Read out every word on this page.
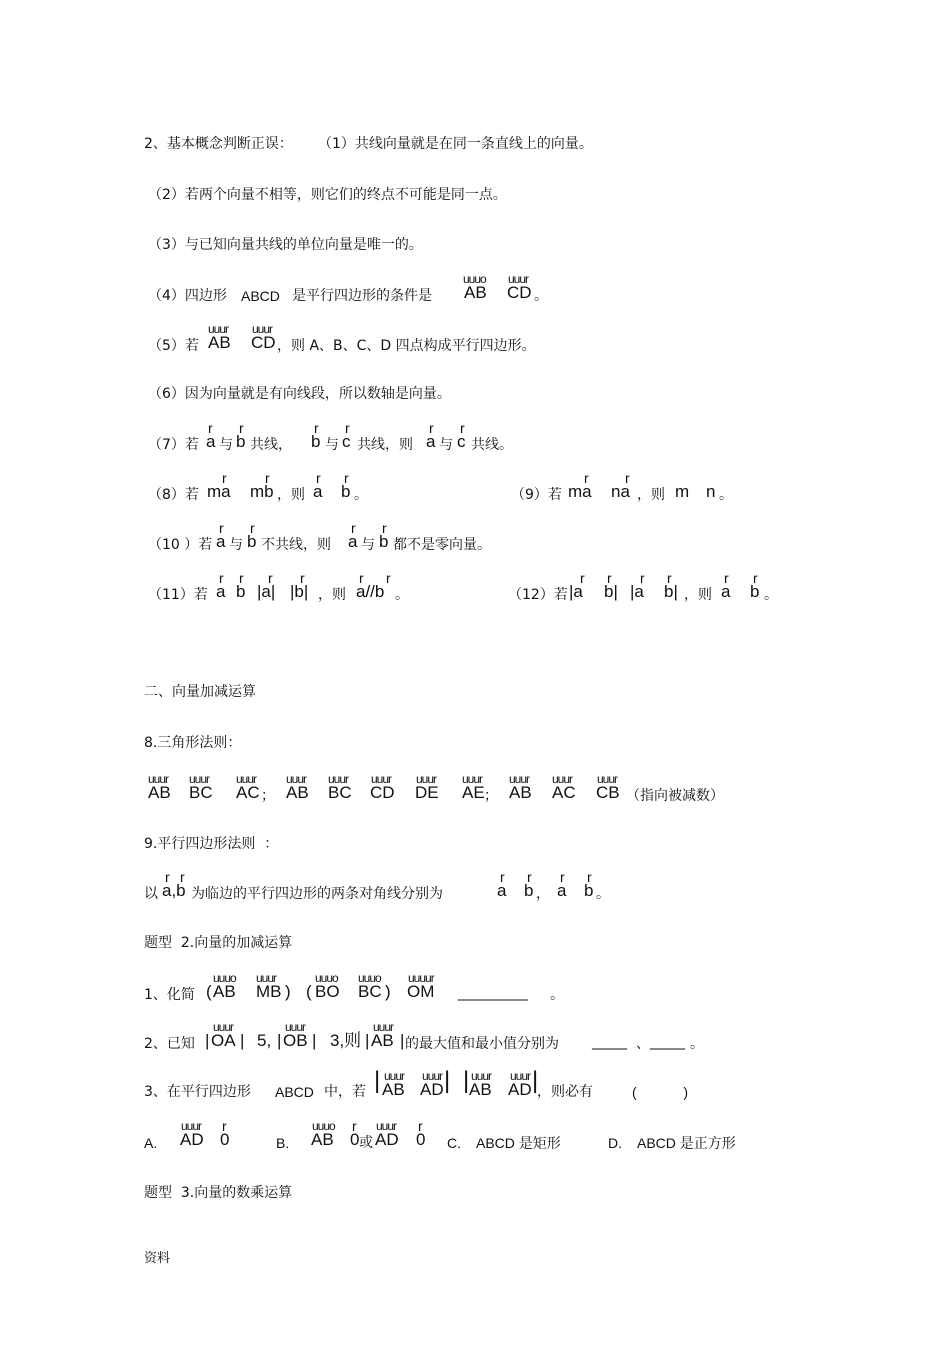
2、基本概念判断正误： （1）共线向量就是在同一条直线上的向量。
（2）若两个向量不相等，则它们的终点不可能是同一点。
（3）与已知向量共线的单位向量是唯一的。
（4）四边形 ABCD 是平行四边形的条件是
uuuo
AB
uuur
CD 。
（5）若
uuur
AB
uuur
CD ，则 A、B、C、D 四点构成平行四边形。
（6）因为向量就是有向线段，所以数轴是向量。
（7）若
r
a 与
r
b 共线，
r
b 与
r
c 共线，则
r
a 与
r
c 共线。
（8）若
r
ma
r
mb ，则
r
a
r
b 。	（9）若
r
ma
r
na ，则 m n 。
（10 ）若
r
a 与
r
b 不共线，则
r
a 与
r
b 都不是零向量。
（11）若
r
a
r
b
r
|a|
r
|b| ，则
r r
a//b 。	（12）若
r
|a
r
b|
r
|a
r
b| ，则
r
a
r
b 。
二、向量加减运算
8.三角形法则：
uuur
AB
uuur
BC
uuur
AC ；
uuur
AB
uuur
BC
uuur
CD
uuur
DE
uuur
AE ；
uuur
AB
uuur
AC
uuur
CB （指向被减数）
9.平行四边形法则  ：
以
r r
a,b 为临边的平行四边形的两条对角线分别为
r
a
r
b ，
r
a
r
b 。
题型  2.向量的加减运算
1、化简 (
uuuo
AB
uuur
MB ) (
uuuo
BO
uuuo
BC )
uuuur
OM __________ 。
2、已知 |
uuur
OA | 5, |
uuur
OB | 3,则 |
uuur
AB | 的最大值和最小值分别为 _____ 、 _____ 。
3、在平行四边形 ABCD 中，若 | uuur
AB
uuur
AD | | uuur
AB
uuur
AD |
，则必有	(            )
A.
uuur
AD
r
0	B.
uuuo
AB
r
0 或
uuur
AD
r
0 C. ABCD 是矩形	D. ABCD 是正方形
题型  3.向量的数乘运算
资料
